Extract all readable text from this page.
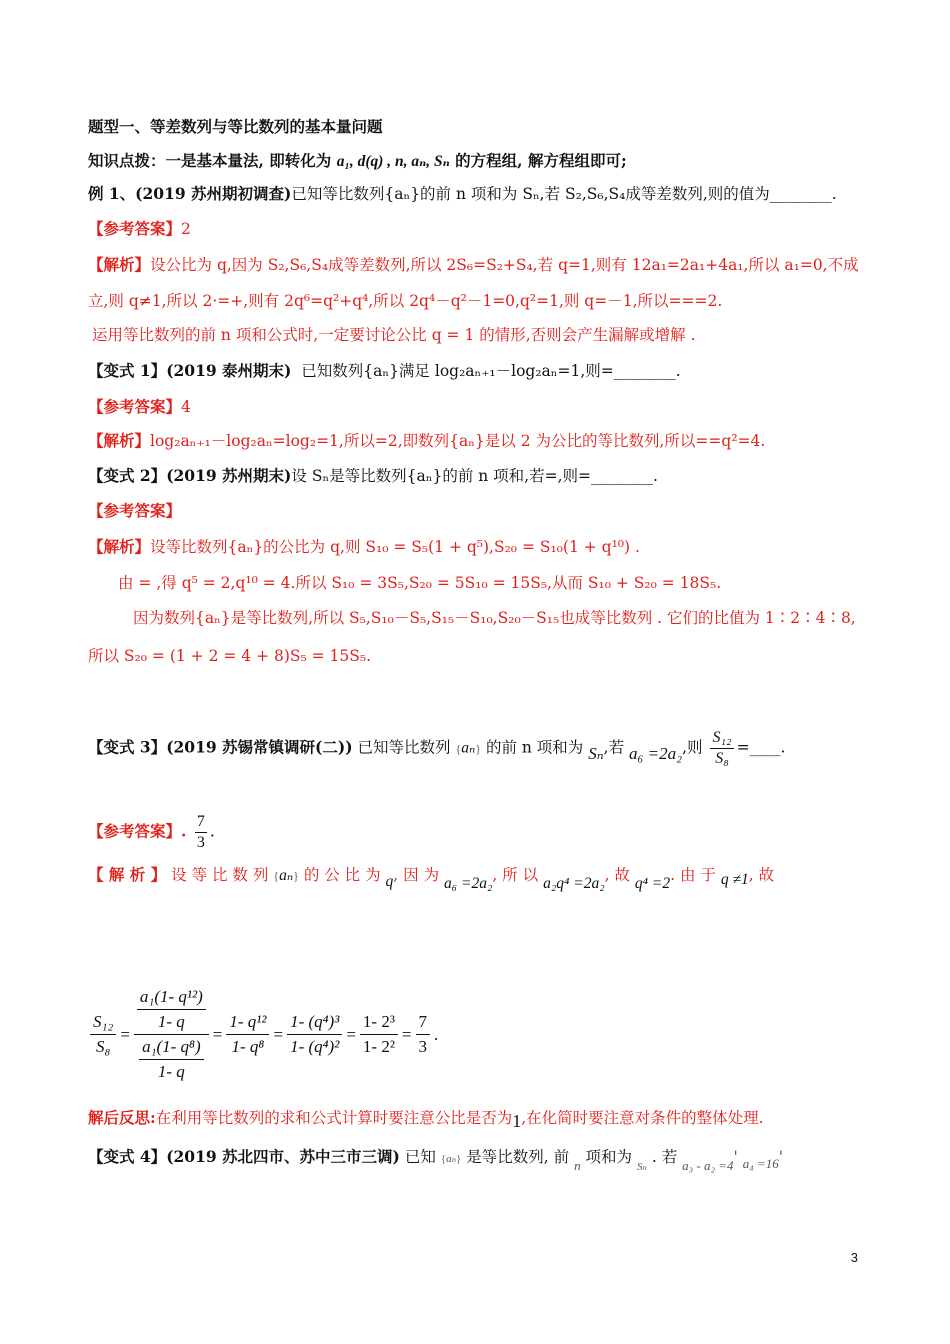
题型一、等差数列与等比数列的基本量问题
知识点拨：一是基本量法, 即转化为 a₁, d(q) , n, aₙ, Sₙ 的方程组, 解方程组即可;
例 1、(2019 苏州期初调查)已知等比数列{aₙ}的前 n 项和为 Sₙ,若 S₂,S₆,S₄成等差数列,则的值为________.
【参考答案】2
【解析】设公比为 q,因为 S₂,S₆,S₄成等差数列,所以 2S₆=S₂+S₄,若 q=1,则有 12a₁=2a₁+4a₁,所以 a₁=0,不成
立,则 q≠1,所以 2·=+,则有 2q⁶=q²+q⁴,所以 2q⁴－q²－1=0,q²=1,则 q=－1,所以===2.
运用等比数列的前 n 项和公式时,一定要讨论公比 q = 1 的情形,否则会产生漏解或增解 .
【变式 1】(2019 泰州期末) 已知数列{aₙ}满足 log₂aₙ₊₁－log₂aₙ=1,则=________.
【参考答案】4
【解析】log₂aₙ₊₁－log₂aₙ=log₂=1,所以=2,即数列{aₙ}是以 2 为公比的等比数列,所以==q²=4.
【变式 2】(2019 苏州期末)设 Sₙ是等比数列{aₙ}的前 n 项和,若=,则=________.
【参考答案】
【解析】设等比数列{aₙ}的公比为 q,则 S₁₀ = S₅(1 + q⁵),S₂₀ = S₁₀(1 + q¹⁰) .
由 = ,得 q⁵ = 2,q¹⁰ = 4.所以 S₁₀ = 3S₅,S₂₀ = 5S₁₀ = 15S₅,从而 S₁₀ + S₂₀ = 18S₅.
因为数列{aₙ}是等比数列,所以 S₅,S₁₀－S₅,S₁₅－S₁₀,S₂₀－S₁₅也成等比数列 . 它们的比值为 1∶2∶4∶8,
所以 S₂₀ = (1 + 2 = 4 + 8)S₅ = 15S₅.
【变式 3】(2019 苏锡常镇调研(二)) 已知等比数列 {aₙ} 的前 n 项和为 Sₙ,若 a₆ =2a₂,则 $\frac{\text{S₁₂}}{\text{S₈}}$ =____.
【参考答案】. $\frac{7}{3}$ .
【 解 析 】 设 等 比 数 列 {aₙ} 的 公 比 为 q, 因 为 a₆ =2a₂, 所 以 a₂q⁴ =2a₂, 故 q⁴ =2. 由 于 q ≠1, 故
$\frac{\text{S₁₂}}{\text{S₈}}$	=	$\frac{\frac{\text{a₁(1- q¹²)}}{1- q}}{\frac{\text{a₁(1- q⁸)}}{1- q}}$	=	$\frac{\text{1- q¹²}}{\text{1- q⁸}}$	=	$\frac{\text{1- (q⁴)³}}{\text{1- (q⁴)²}}$	=	$\frac{\text{1- 2³}}{\text{1- 2²}}$	=	$\frac{7}{3}$	.
解后反思:在利用等比数列的求和公式计算时要注意公比是否为1,在化简时要注意对条件的整体处理.
【变式 4】(2019 苏北四市、苏中三市三调) 已知 {aₙ} 是等比数列, 前 $_n$ 项和为 $_{S_n}$ . 若 $_{a_3 - a_2 =4}$' $_{a_4 =16}$'
3
